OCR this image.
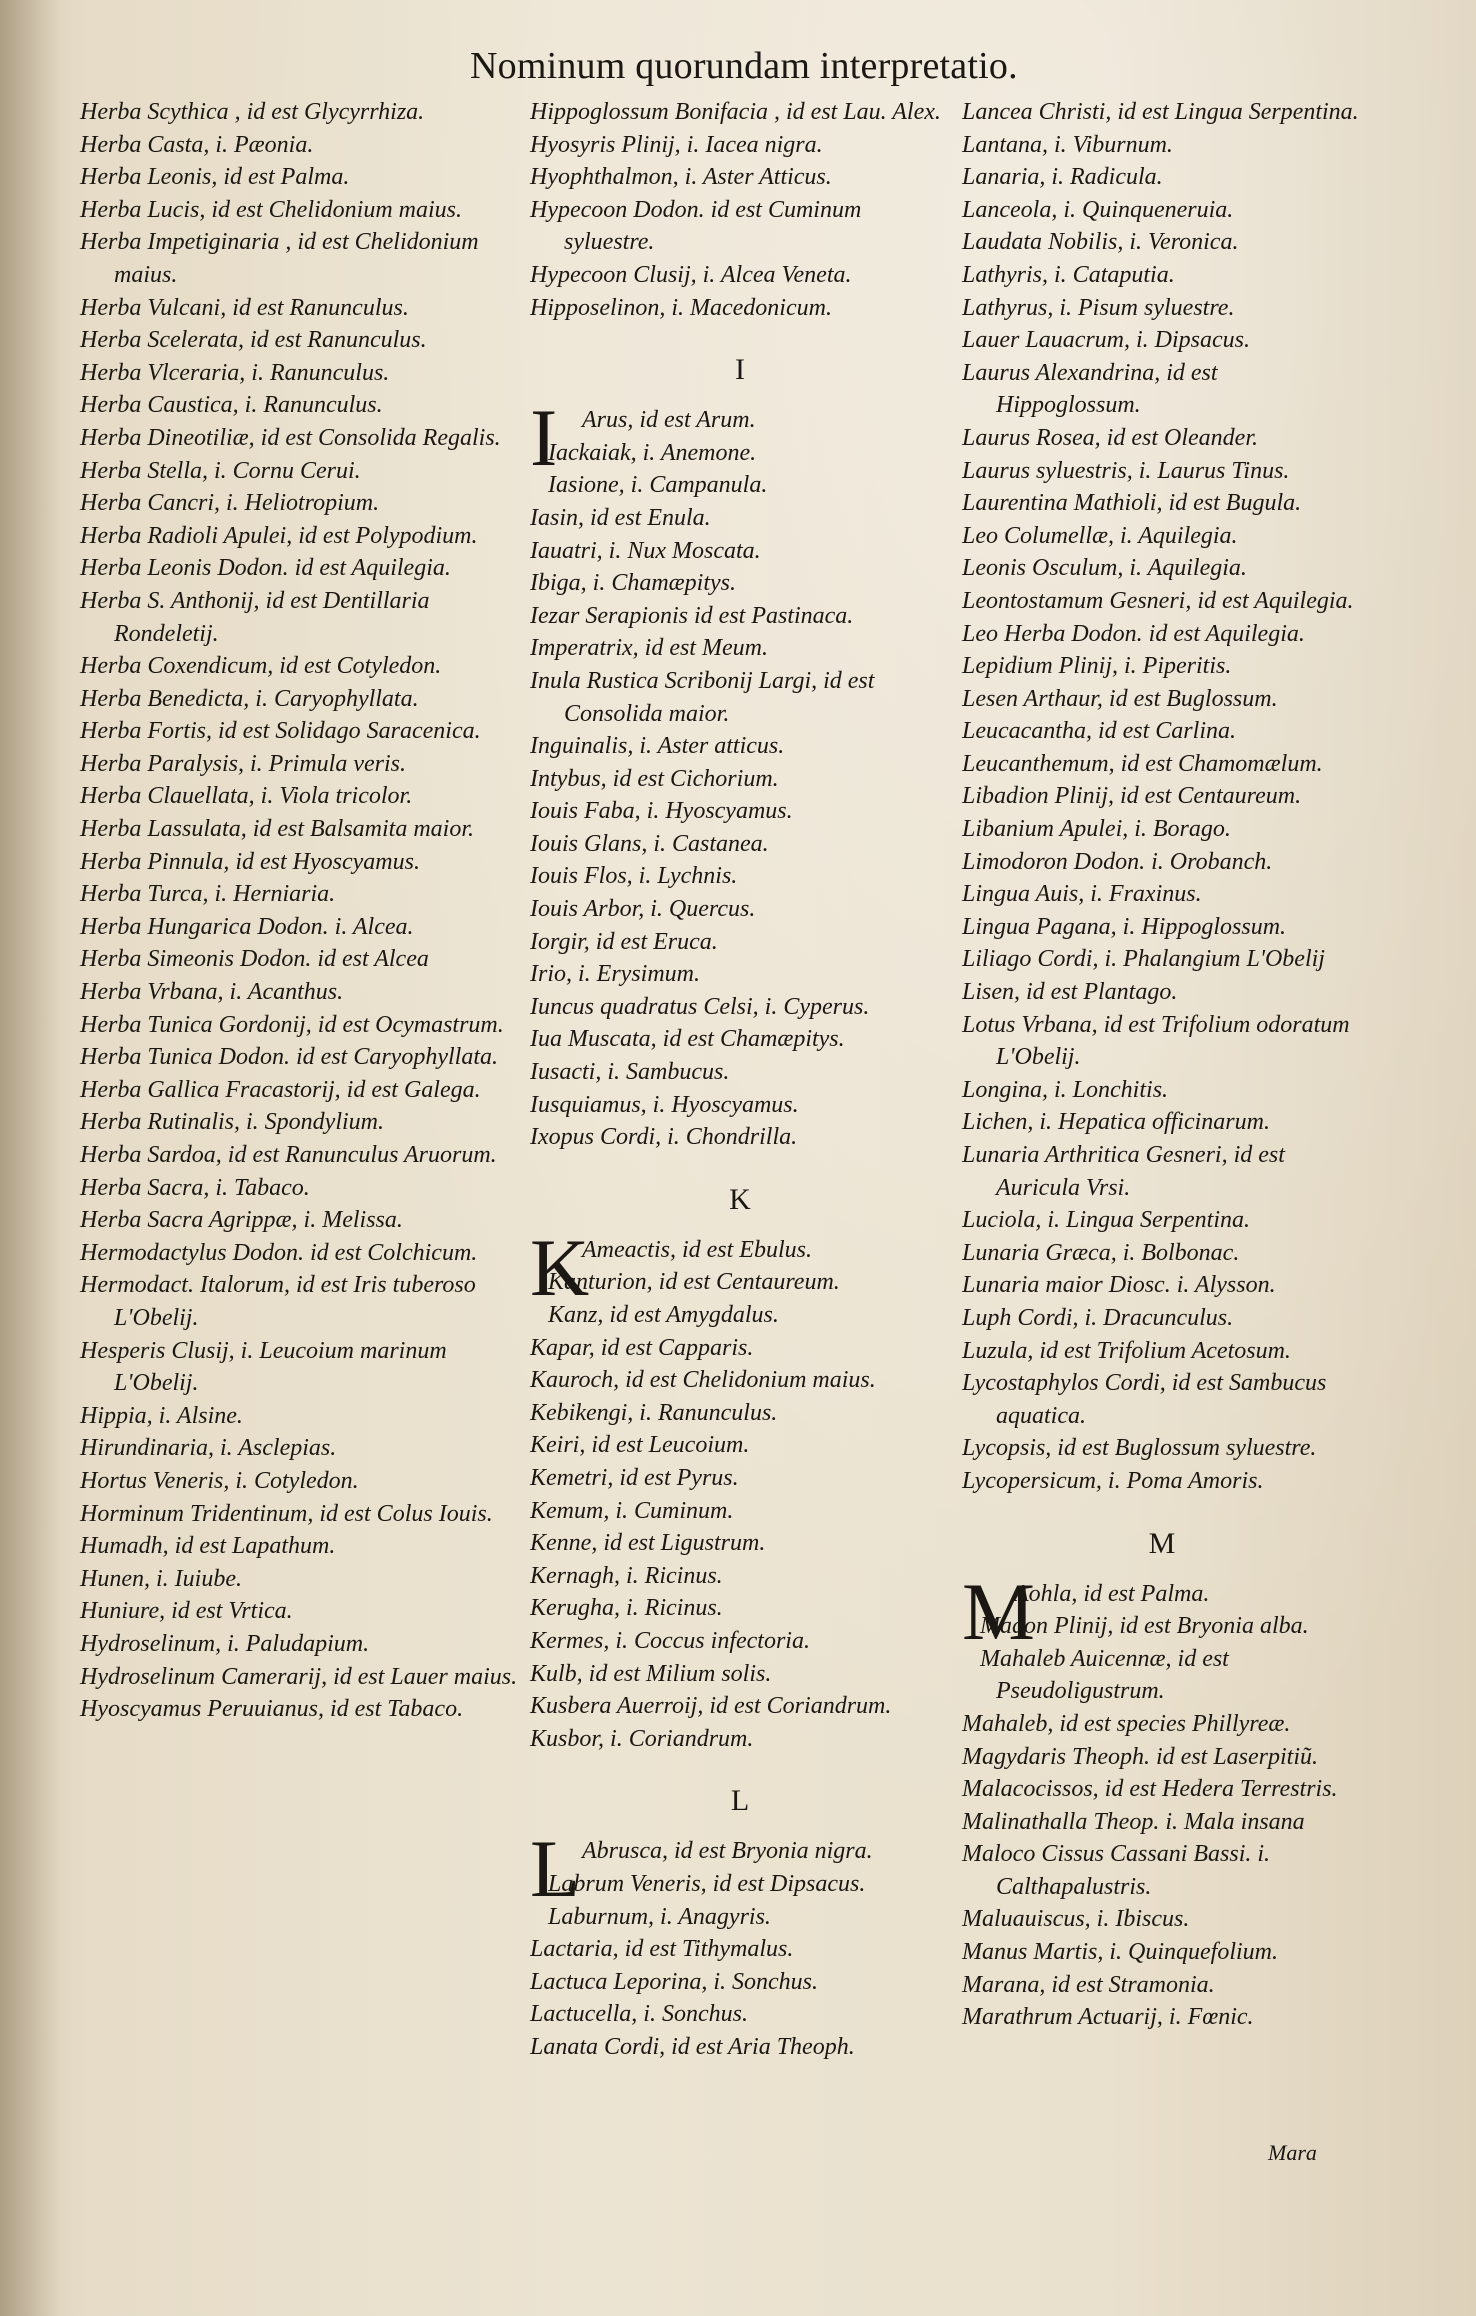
Nominum quorundam interpretatio.

Herba Scythica , id est Glycyrrhiza.

Herba Casta, i. Pæonia.

Herba Leonis, id est Palma.

Herba Lucis, id est Chelidonium maius.

Herba Impetiginaria , id est Chelidonium maius.

Herba Vulcani, id est Ranunculus.

Herba Scelerata, id est Ranunculus.

Herba Vlceraria, i. Ranunculus.

Herba Caustica, i. Ranunculus.

Herba Dineotiliæ, id est Consolida Regalis.

Herba Stella, i. Cornu Cerui.

Herba Cancri, i. Heliotropium.

Herba Radioli Apulei, id est Polypodium.

Herba Leonis Dodon. id est Aquilegia.

Herba S. Anthonij, id est Dentillaria Rondeletij.

Herba Coxendicum, id est Cotyledon.

Herba Benedicta, i. Caryophyllata.

Herba Fortis, id est Solidago Saracenica.

Herba Paralysis, i. Primula veris.

Herba Clauellata, i. Viola tricolor.

Herba Lassulata, id est Balsamita maior.

Herba Pinnula, id est Hyoscyamus.

Herba Turca, i. Herniaria.

Herba Hungarica Dodon. i. Alcea.

Herba Simeonis Dodon. id est Alcea

Herba Vrbana, i. Acanthus.

Herba Tunica Gordonij, id est Ocymastrum.

Herba Tunica Dodon. id est Caryophyllata.

Herba Gallica Fracastorij, id est Galega.

Herba Rutinalis, i. Spondylium.

Herba Sardoa, id est Ranunculus Aruorum.

Herba Sacra, i. Tabaco.

Herba Sacra Agrippæ, i. Melissa.

Hermodactylus Dodon. id est Colchicum.

Hermodact. Italorum, id est Iris tuberoso L'Obelij.

Hesperis Clusij, i. Leucoium marinum L'Obelij.

Hippia, i. Alsine.

Hirundinaria, i. Asclepias.

Hortus Veneris, i. Cotyledon.

Horminum Tridentinum, id est Colus Iouis.

Humadh, id est Lapathum.

Hunen, i. Iuiube.

Huniure, id est Vrtica.

Hydroselinum, i. Paludapium.

Hydroselinum Camerarij, id est Lauer maius.

Hyoscyamus Peruuianus, id est Tabaco.

Hippoglossum Bonifacia , id est Lau. Alex.

Hyosyris Plinij, i. Iacea nigra.

Hyophthalmon, i. Aster Atticus.

Hypecoon Dodon. id est Cuminum syluestre.

Hypecoon Clusij, i. Alcea Veneta.

Hipposelinon, i. Macedonicum.

I

I	Arus, id est Arum.

Iackaiak, i. Anemone.

Iasione, i. Campanula.

Iasin, id est Enula.

Iauatri, i. Nux Moscata.

Ibiga, i. Chamæpitys.

Iezar Serapionis id est Pastinaca.

Imperatrix, id est Meum.

Inula Rustica Scribonij Largi, id est Consolida maior.

Inguinalis, i. Aster atticus.

Intybus, id est Cichorium.

Iouis Faba, i. Hyoscyamus.

Iouis Glans, i. Castanea.

Iouis Flos, i. Lychnis.

Iouis Arbor, i. Quercus.

Iorgir, id est Eruca.

Irio, i. Erysimum.

Iuncus quadratus Celsi, i. Cyperus.

Iua Muscata, id est Chamæpitys.

Iusacti, i. Sambucus.

Iusquiamus, i. Hyoscyamus.

Ixopus Cordi, i. Chondrilla.

K

K
Ameactis, id est Ebulus.

Kanturion, id est Centaureum.

Kanz, id est Amygdalus.

Kapar, id est Capparis.

Kauroch, id est Chelidonium maius.

Kebikengi, i. Ranunculus.

Keiri, id est Leucoium.

Kemetri, id est Pyrus.

Kemum, i. Cuminum.

Kenne, id est Ligustrum.

Kernagh, i. Ricinus.

Kerugha, i. Ricinus.

Kermes, i. Coccus infectoria.

Kulb, id est Milium solis.

Kusbera Auerroij, id est Coriandrum.

Kusbor, i. Coriandrum.

L

L Abrusca, id est Bryonia nigra.

Labrum Veneris, id est Dipsacus.

Laburnum, i. Anagyris.

Lactaria, id est Tithymalus.

Lactuca Leporina, i. Sonchus.

Lactucella, i. Sonchus.

Lanata Cordi, id est Aria Theoph.

Lancea Christi, id est Lingua Serpentina.

Lantana, i. Viburnum.

Lanaria, i. Radicula.

Lanceola, i. Quinqueneruia.

Laudata Nobilis, i. Veronica.

Lathyris, i. Cataputia.

Lathyrus, i. Pisum syluestre.

Lauer Lauacrum, i. Dipsacus.

Laurus Alexandrina, id est Hippoglossum.

Laurus Rosea, id est Oleander.

Laurus syluestris, i. Laurus Tinus.

Laurentina Mathioli, id est Bugula.

Leo Columellæ, i. Aquilegia.

Leonis Osculum, i. Aquilegia.

Leontostamum Gesneri, id est Aquilegia.

Leo Herba Dodon. id est Aquilegia.

Lepidium Plinij, i. Piperitis.

Lesen Arthaur, id est Buglossum.

Leucacantha, id est Carlina.

Leucanthemum, id est Chamomælum.

Libadion Plinij, id est Centaureum.

Libanium Apulei, i. Borago.

Limodoron Dodon. i. Orobanch.

Lingua Auis, i. Fraxinus.

Lingua Pagana, i. Hippoglossum.

Liliago Cordi, i. Phalangium L'Obelij

Lisen, id est Plantago.

Lotus Vrbana, id est Trifolium odoratum L'Obelij.

Longina, i. Lonchitis.

Lichen, i. Hepatica officinarum.

Lunaria Arthritica Gesneri, id est Auricula Vrsi.

Luciola, i. Lingua Serpentina.

Lunaria Græca, i. Bolbonac.

Lunaria maior Diosc. i. Alysson.

Luph Cordi, i. Dracunculus.

Luzula, id est Trifolium Acetosum.

Lycostaphylos Cordi, id est Sambucus aquatica.

Lycopsis, id est Buglossum syluestre.

Lycopersicum, i. Poma Amoris.

M

M
Aohla, id est Palma.

Madon Plinij, id est Bryonia alba.

Mahaleb Auicennæ, id est Pseudoligustrum.

Mahaleb, id est species Phillyreæ.

Magydaris Theoph. id est Laserpitiũ.

Malacocissos, id est Hedera Terrestris.

Malinathalla Theop. i. Mala insana

Maloco Cissus Cassani Bassi. i. Calthapalustris.

Maluauiscus, i. Ibiscus.

Manus Martis, i. Quinquefolium.

Marana, id est Stramonia.

Marathrum Actuarij, i. Fœnic.

Mara
